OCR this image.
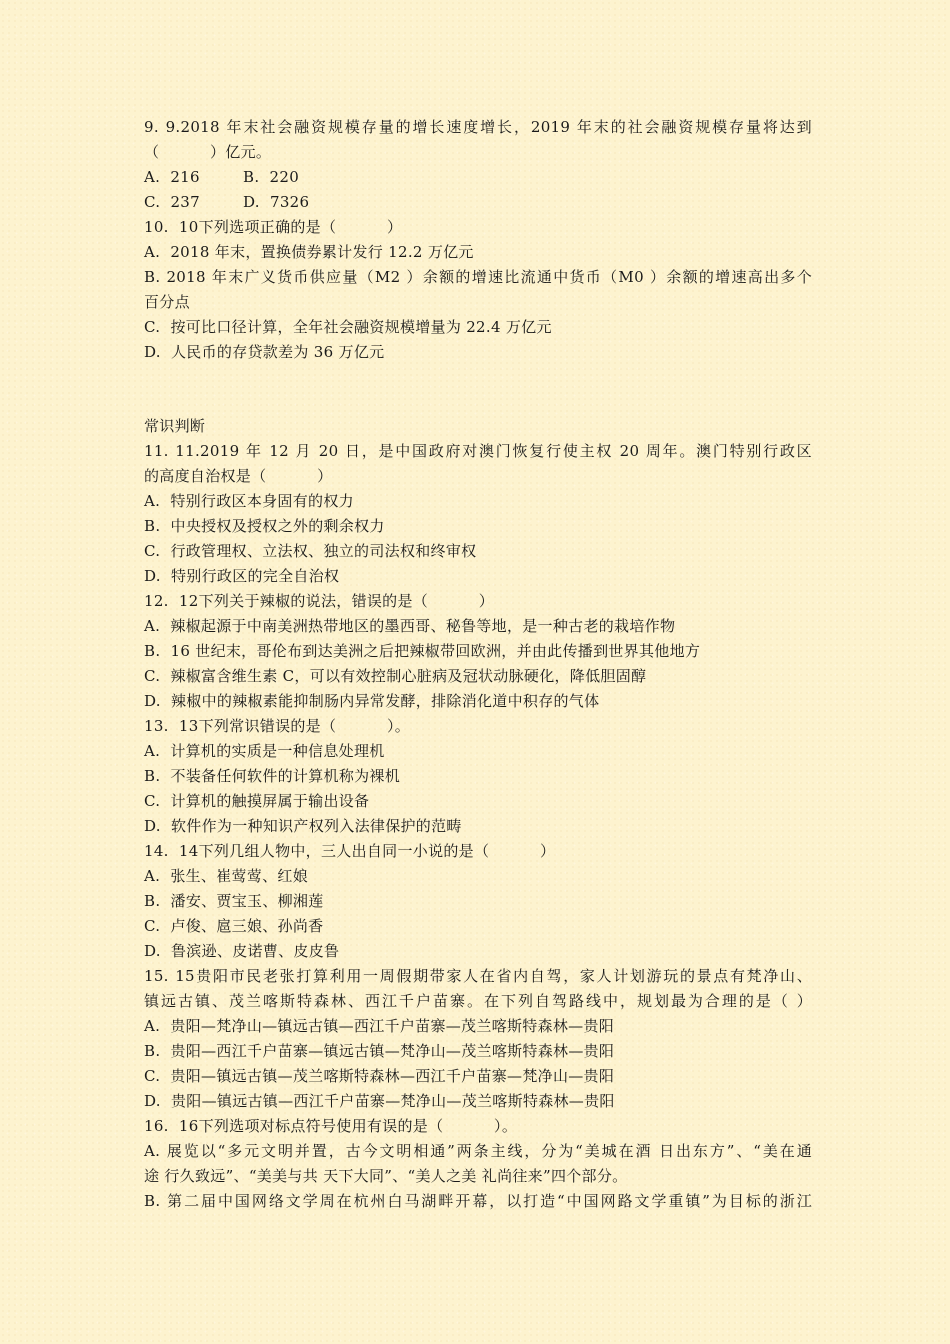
9. 9.2018 年末社会融资规模存量的增长速度增长，2019 年末的社会融资规模存量将达到
（          ）亿元。
A.  216	B.  220
C.  237	D.  7326
10.  10下列选项正确的是（          ）
A.  2018 年末，置换债券累计发行 12.2 万亿元
B. 2018 年末广义货币供应量（M2 ）余额的增速比流通中货币（M0 ）余额的增速高出多个
百分点
C.  按可比口径计算，全年社会融资规模增量为 22.4 万亿元
D.  人民币的存贷款差为 36 万亿元
常识判断
11. 11.2019 年 12 月 20 日，是中国政府对澳门恢复行使主权 20 周年。澳门特别行政区
的高度自治权是（          ）
A.  特别行政区本身固有的权力
B.  中央授权及授权之外的剩余权力
C.  行政管理权、立法权、独立的司法权和终审权
D.  特别行政区的完全自治权
12.  12下列关于辣椒的说法，错误的是（          ）
A.  辣椒起源于中南美洲热带地区的墨西哥、秘鲁等地，是一种古老的栽培作物
B.  16 世纪末，哥伦布到达美洲之后把辣椒带回欧洲，并由此传播到世界其他地方
C.  辣椒富含维生素 C，可以有效控制心脏病及冠状动脉硬化，降低胆固醇
D.  辣椒中的辣椒素能抑制肠内异常发酵，排除消化道中积存的气体
13.  13下列常识错误的是（          ）。
A.  计算机的实质是一种信息处理机
B.  不装备任何软件的计算机称为裸机
C.  计算机的触摸屏属于输出设备
D.  软件作为一种知识产权列入法律保护的范畴
14.  14下列几组人物中，三人出自同一小说的是（          ）
A.  张生、崔莺莺、红娘
B.  潘安、贾宝玉、柳湘莲
C.  卢俊、扈三娘、孙尚香
D.  鲁滨逊、皮诺曹、皮皮鲁
15. 15贵阳市民老张打算利用一周假期带家人在省内自驾，家人计划游玩的景点有梵净山、
镇远古镇、茂兰喀斯特森林、西江千户苗寨。在下列自驾路线中，规划最为合理的是（ ）
A.  贵阳—梵净山—镇远古镇—西江千户苗寨—茂兰喀斯特森林—贵阳
B.  贵阳—西江千户苗寨—镇远古镇—梵净山—茂兰喀斯特森林—贵阳
C.  贵阳—镇远古镇—茂兰喀斯特森林—西江千户苗寨—梵净山—贵阳
D.  贵阳—镇远古镇—西江千户苗寨—梵净山—茂兰喀斯特森林—贵阳
16.  16下列选项对标点符号使用有误的是（          ）。
A. 展览以“多元文明并置，古今文明相通”两条主线，分为“美城在酒 日出东方”、“美在通
途 行久致远”、“美美与共 天下大同”、“美人之美 礼尚往来”四个部分。
B. 第二届中国网络文学周在杭州白马湖畔开幕，以打造“中国网路文学重镇”为目标的浙江
